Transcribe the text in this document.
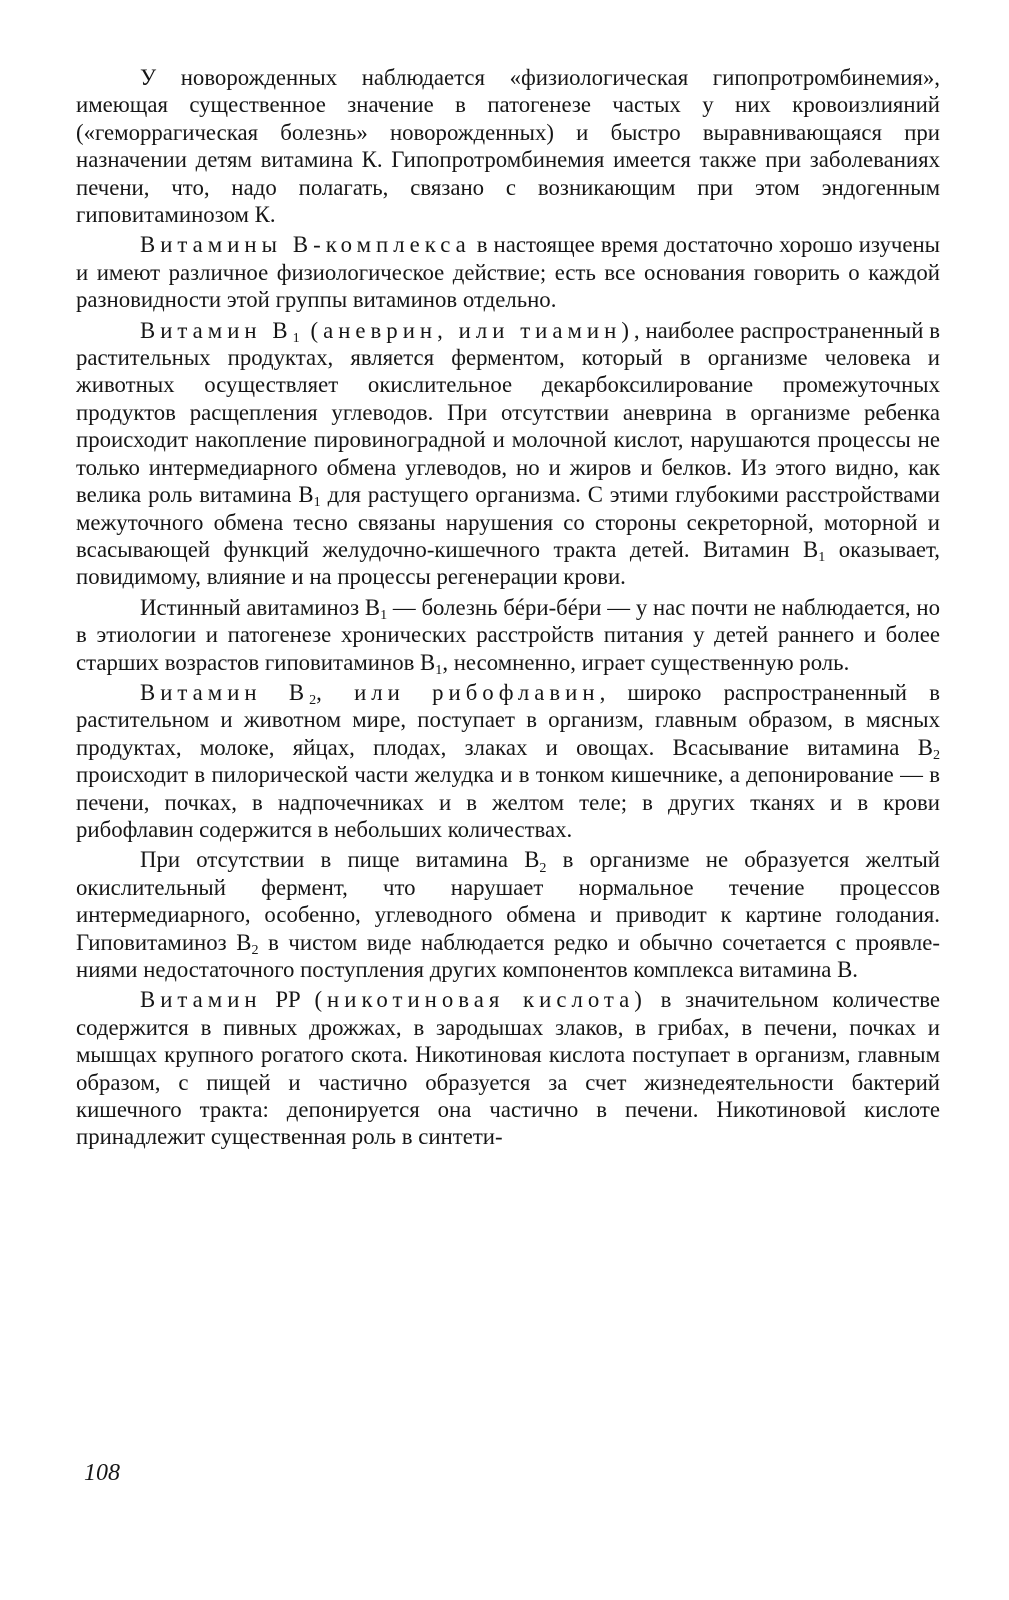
У новорожденных наблюдается «физиологическая гипопротромбинемия», имеющая существенное значение в патогенезе частых у них кровоизлияний («геморрагическая болезнь» новорожденных) и быстро выравнивающаяся при назначении детям витамина К. Гипопротромбинемия имеется также при заболеваниях печени, что, надо полагать, связано с возникающим при этом эндогенным гиповитаминозом К.

Витамины В-комплекса в настоящее время достаточно хорошо изучены и имеют различное физиологическое действие; есть все основания говорить о каждой разновидности этой группы витаминов отдельно.

Витамин $В_1$ (аневрин, или тиамин), наиболее распространенный в растительных продуктах, является ферментом, который в организме человека и животных осуществляет окислительное декарбоксилирование промежуточных продуктов расщепления углеводов. При отсутствии аневрина в организме ребенка происходит накопление пировиноградной и молочной кислот, нарушаются процессы не только интермедиарного обмена углеводов, но и жиров и белков. Из этого видно, как велика роль витамина $В_1$ для растущего организма. С этими глубокими расстройствами межуточного обмена тесно связаны нарушения со стороны секреторной, моторной и всасывающей функций желудочно-кишечного тракта детей. Витамин $В_1$ оказывает, повидимому, влияние и на процессы регенерации крови.

Истинный авитаминоз $В_1$ — болезнь бéри-бéри — у нас почти не наблюдается, но в этиологии и патогенезе хронических расстройств питания у детей раннего и более старших возрастов гиповитаминов $В_1$, несомненно, играет существенную роль.

Витамин $В_2$, или рибофлавин, широко распространенный в растительном и животном мире, поступает в организм, главным образом, в мясных продуктах, молоке, яйцах, плодах, злаках и овощах. Всасывание витамина $В_2$ происходит в пилорической части желудка и в тонком кишечнике, а депонирование — в печени, почках, в надпочечниках и в желтом теле; в других тканях и в крови рибофлавин содержится в небольших количествах.

При отсутствии в пище витамина $В_2$ в организме не образуется желтый окислительный фермент, что нарушает нормальное течение процессов интермедиарного, особенно, углеводного обмена и приводит к картине голодания. Гиповитаминоз $В_2$ в чистом виде наблюдается редко и обычно сочетается с проявлениями недостаточного поступления других компонентов комплекса витамина В.

Витамин РР (никотиновая кислота) в значительном количестве содержится в пивных дрожжах, в зародышах злаков, в грибах, в печени, почках и мышцах крупного рогатого скота. Никотиновая кислота поступает в организм, главным образом, с пищей и частично образуется за счет жизнедеятельности бактерий кишечного тракта: депонируется она частично в печени. Никотиновой кислоте принадлежит существенная роль в синтети-

108
